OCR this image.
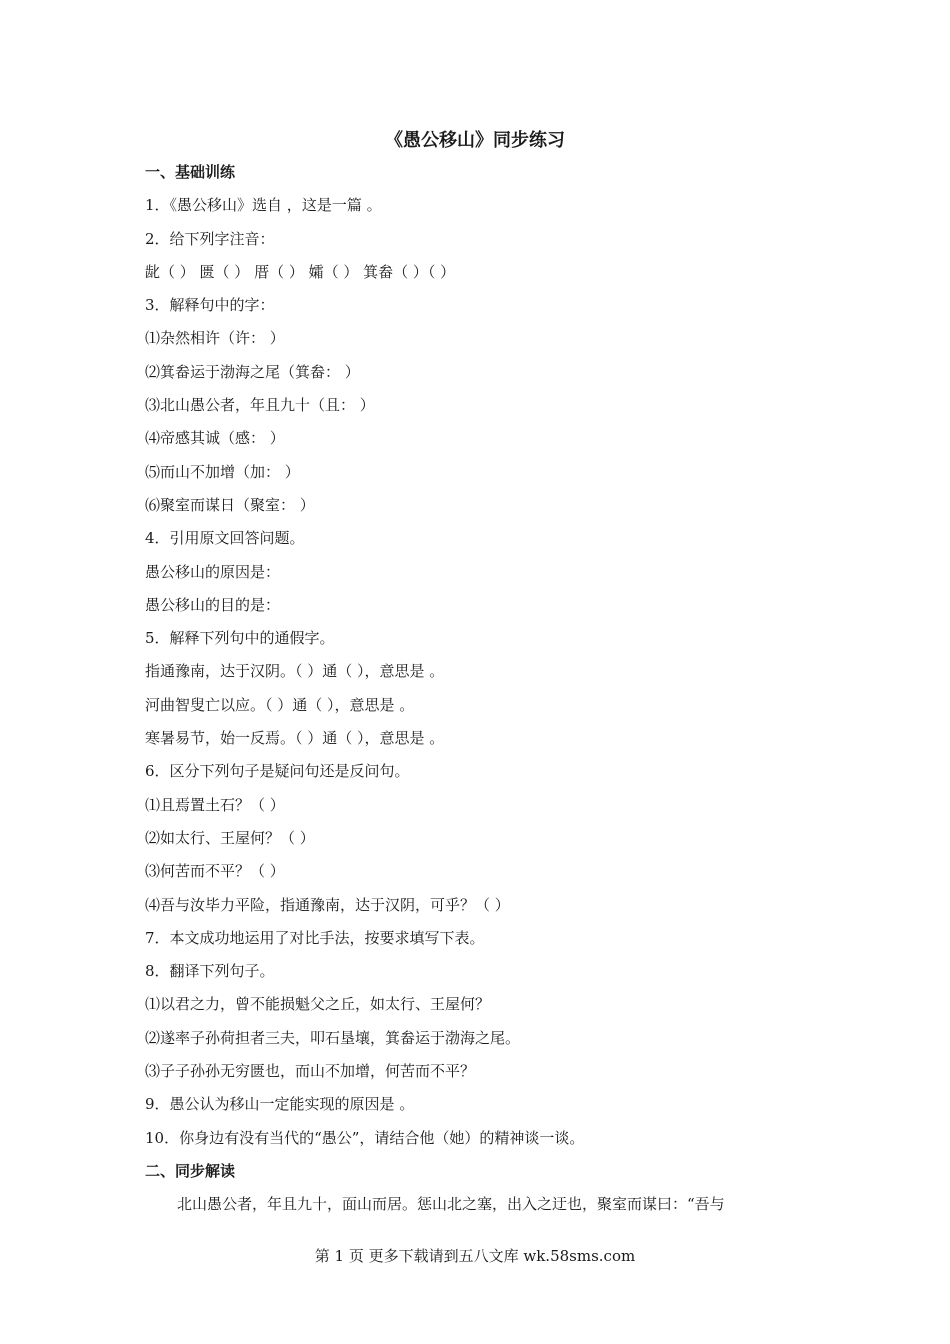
《愚公移山》同步练习
一、基础训练
1．《愚公移山》选自 ，这是一篇 。
2．给下列字注音：
龀（ ） 匮（ ） 厝（ ） 孀（ ） 箕畚（ ）（ ）
3．解释句中的字：
⑴杂然相许（许： ）
⑵箕畚运于渤海之尾（箕畚： ）
⑶北山愚公者，年且九十（且： ）
⑷帝感其诚（感： ）
⑸而山不加增（加： ）
⑹聚室而谋日（聚室： ）
4．引用原文回答问题。
愚公移山的原因是：
愚公移山的目的是：
5．解释下列句中的通假字。
指通豫南，达于汉阴。（ ）通（ ），意思是 。
河曲智叟亡以应。（ ）通（ ），意思是 。
寒暑易节，始一反焉。（ ）通（ ），意思是 。
6．区分下列句子是疑问句还是反问句。
⑴且焉置土石？（ ）
⑵如太行、王屋何？（ ）
⑶何苦而不平？（ ）
⑷吾与汝毕力平险，指通豫南，达于汉阴，可乎？（ ）
7．本文成功地运用了对比手法，按要求填写下表。
8．翻译下列句子。
⑴以君之力，曾不能损魁父之丘，如太行、王屋何？
⑵遂率子孙荷担者三夫，叩石垦壤，箕畚运于渤海之尾。
⑶子子孙孙无穷匮也，而山不加增，何苦而不平？
9．愚公认为移山一定能实现的原因是 。
10．你身边有没有当代的“愚公”，请结合他（她）的精神谈一谈。
二、同步解读
北山愚公者，年且九十，面山而居。惩山北之塞，出入之迂也，聚室而谋曰：“吾与
第 1 页 更多下载请到五八文库 wk.58sms.com
